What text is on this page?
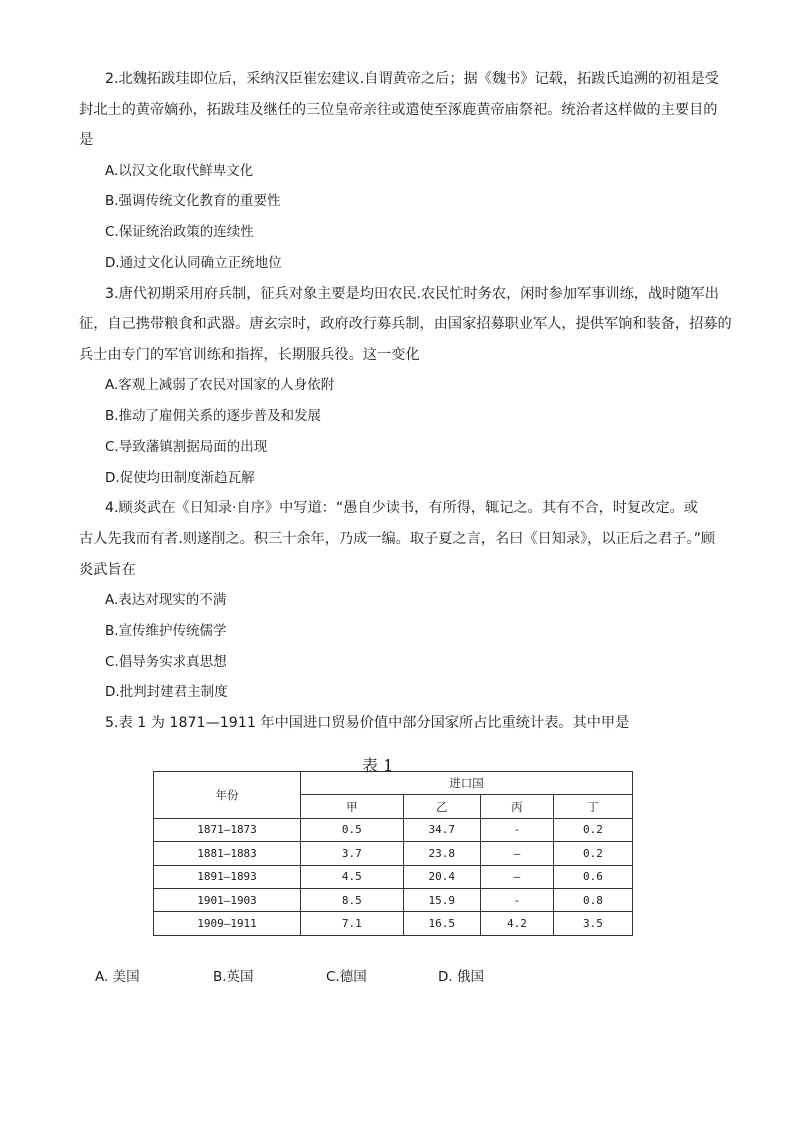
2.北魏拓跋珪即位后，采纳汉臣崔宏建议.自谓黄帝之后；据《魏书》记载，拓跋氏追溯的初祖是受
封北土的黄帝嫡孙，拓跋珪及继任的三位皇帝亲往或遣使至涿鹿黄帝庙祭祀。统治者这样做的主要目的
是
A.以汉文化取代鲜卑文化
B.强调传统文化教育的重要性
C.保证统治政策的连续性
D.通过文化认同确立正统地位
3.唐代初期采用府兵制，征兵对象主要是均田农民.农民忙时务农，闲时参加军事训练，战时随军出
征，自己携带粮食和武器。唐玄宗时，政府改行募兵制，由国家招募职业军人，提供军饷和装备，招募的
兵士由专门的军官训练和指挥，长期服兵役。这一变化
A.客观上减弱了农民对国家的人身依附
B.推动了雇佣关系的逐步普及和发展
C.导致藩镇割据局面的出现
D.促使均田制度渐趋瓦解
4.顾炎武在《日知录·自序》中写道：“愚自少读书，有所得，辄记之。其有不合，时复改定。或
古人先我而有者.则遂削之。积三十余年，乃成一编。取子夏之言，名曰《日知录》，以正后之君子。”顾
炎武旨在
A.表达对现实的不满
B.宣传维护传统儒学
C.倡导务实求真思想
D.批判封建君主制度
5.表 1 为 1871—1911 年中国进口贸易价值中部分国家所占比重统计表。其中甲是
表 1
年份	进口国			
	甲	乙	丙	丁
1871—1873	0.5	34.7	-	0.2
1881—1883	3.7	23.8	—	0.2
1891—1893	4.5	20.4	—	0.6
1901—1903	8.5	15.9	-	0.8
1909—1911	7.1	16.5	4.2	3.5
A. 美国	B.英国	C.德国	D. 俄国
